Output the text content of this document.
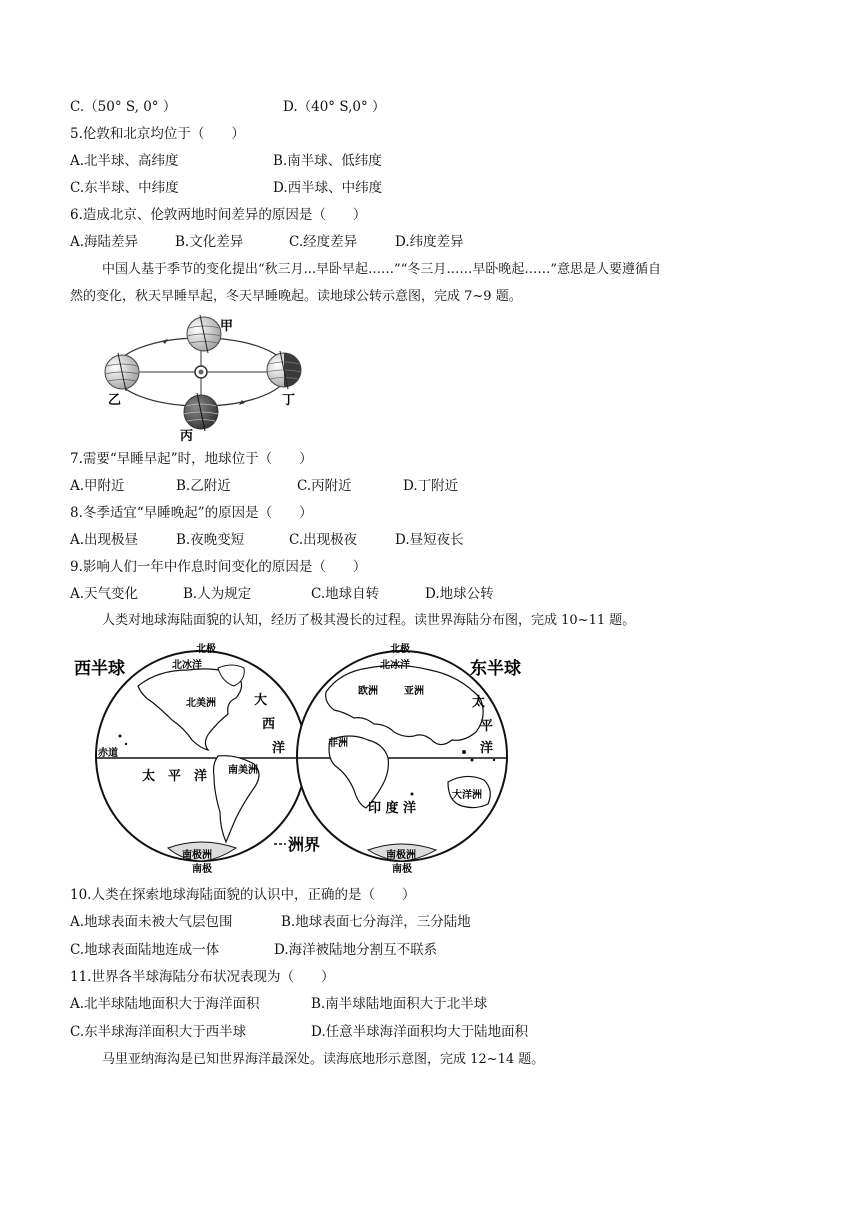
C.（50° S, 0° ）	D.（40° S,0° ）
5.伦敦和北京均位于（　　）
A.北半球、高纬度	B.南半球、低纬度
C.东半球、中纬度	D.西半球、中纬度
6.造成北京、伦敦两地时间差异的原因是（　　）
A.海陆差异	B.文化差异	C.经度差异	D.纬度差异
中国人基于季节的变化提出“秋三月...早卧早起……”“冬三月……早卧晚起……”意思是人要遵循自
然的变化，秋天早睡早起，冬天早睡晚起。读地球公转示意图，完成 7~9 题。
甲
乙
丙
丁
7.需要“早睡早起”时，地球位于（　　）
A.甲附近	B.乙附近	C.丙附近	D.丁附近
8.冬季适宜“早睡晚起”的原因是（　　）
A.出现极昼	B.夜晚变短	C.出现极夜	D.昼短夜长
9.影响人们一年中作息时间变化的原因是（　　）
A.天气变化	B.人为规定	C.地球自转	D.地球公转
人类对地球海陆面貌的认知，经历了极其漫长的过程。读世界海陆分布图，完成 10~11 题。
西半球	东半球
北极
北冰洋
北美洲	大
西
洋
赤道
太 平 洋 南美洲
南极洲
南极
北极
北冰洋
欧洲	亚洲
非洲
太
平
洋
印 度 洋
大洋洲
南极洲
南极
洲界
10.人类在探索地球海陆面貌的认识中，正确的是（　　）
A.地球表面未被大气层包围	B.地球表面七分海洋，三分陆地
C.地球表面陆地连成一体	D.海洋被陆地分割互不联系
11.世界各半球海陆分布状况表现为（　　）
A.北半球陆地面积大于海洋面积	B.南半球陆地面积大于北半球
C.东半球海洋面积大于西半球	D.任意半球海洋面积均大于陆地面积
马里亚纳海沟是已知世界海洋最深处。读海底地形示意图，完成 12~14 题。
